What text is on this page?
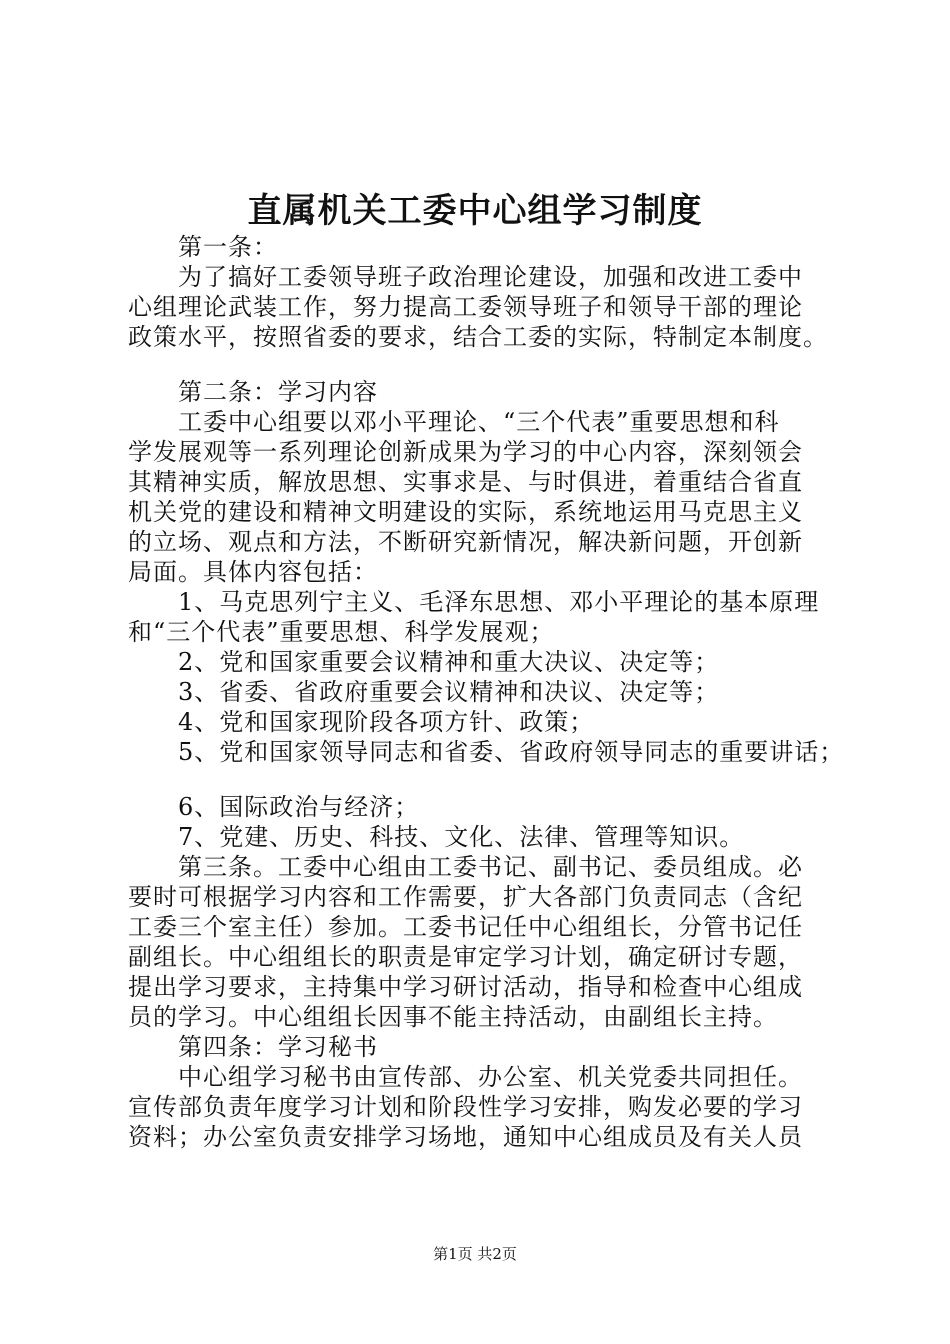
直属机关工委中心组学习制度
　　第一条：
　　为了搞好工委领导班子政治理论建设，加强和改进工委中
心组理论武装工作，努力提高工委领导班子和领导干部的理论
政策水平，按照省委的要求，结合工委的实际，特制定本制度。
　　第二条：学习内容
　　工委中心组要以邓小平理论、“三个代表”重要思想和科
学发展观等一系列理论创新成果为学习的中心内容，深刻领会
其精神实质，解放思想、实事求是、与时俱进，着重结合省直
机关党的建设和精神文明建设的实际，系统地运用马克思主义
的立场、观点和方法，不断研究新情况，解决新问题，开创新
局面。具体内容包括：
　　1、马克思列宁主义、毛泽东思想、邓小平理论的基本原理
和“三个代表”重要思想、科学发展观；
　　2、党和国家重要会议精神和重大决议、决定等；
　　3、省委、省政府重要会议精神和决议、决定等；
　　4、党和国家现阶段各项方针、政策；
　　5、党和国家领导同志和省委、省政府领导同志的重要讲话；
　　6、国际政治与经济；
　　7、党建、历史、科技、文化、法律、管理等知识。
　　第三条。工委中心组由工委书记、副书记、委员组成。必
要时可根据学习内容和工作需要，扩大各部门负责同志（含纪
工委三个室主任）参加。工委书记任中心组组长，分管书记任
副组长。中心组组长的职责是审定学习计划，确定研讨专题，
提出学习要求，主持集中学习研讨活动，指导和检查中心组成
员的学习。中心组组长因事不能主持活动，由副组长主持。
　　第四条：学习秘书
　　中心组学习秘书由宣传部、办公室、机关党委共同担任。
宣传部负责年度学习计划和阶段性学习安排，购发必要的学习
资料；办公室负责安排学习场地，通知中心组成员及有关人员
第1页 共2页
